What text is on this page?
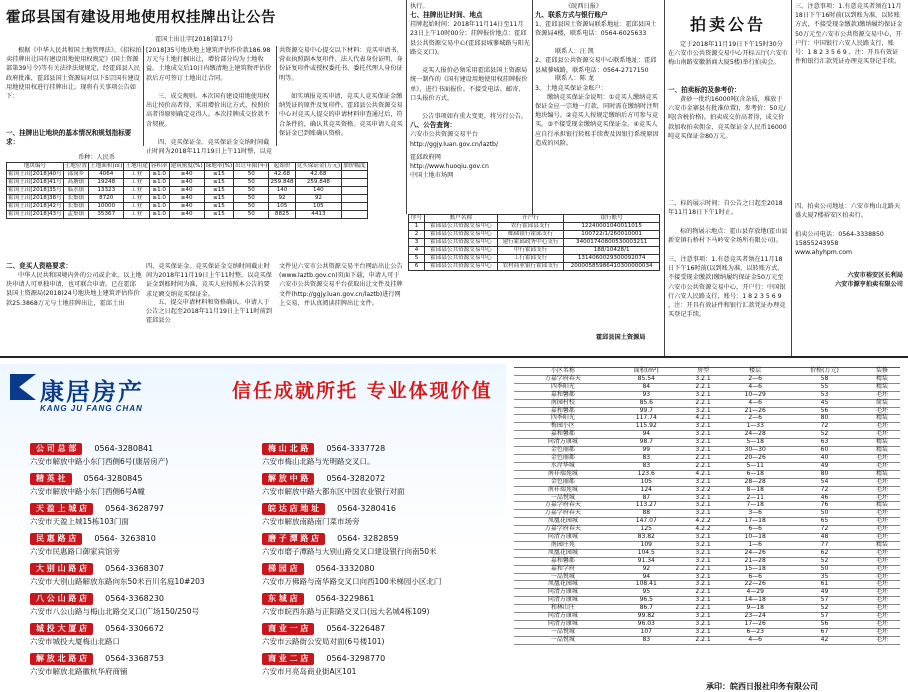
霍邱县国有建设用地使用权挂牌出让公告
霍国土出让字[2018]第17号
根据《中华人民共和国土地管理法》、《招标拍卖挂牌出让国有建设用地使用权规定》(国土资源部第39号令)等有关法律法规规定，经霍邱县人民政府批准，霍邱县国土资源局对以下5宗国有建设用地使用权进行挂牌出让。现将有关事项公告如下：
一、挂牌出让地块的基本情况和规划指标要求：
币种：人民币
地块编号	土地位置	土地面积(㎡)	土地用途	容积率	建筑密度(%)	绿地率(%)	出让年限(年)	起始价	竞买保证金(万元)	加价幅度
霍国土出[2018]40号	邵岗乡	4064	工业	≥1.0	≥40	≤15	50	42.68	42.68	
霍国土出[2018]41号	高塘镇	19248	工业	≥1.0	≥40	≤15	50	259.848	259.848	
霍国土出[2018]35号	临水镇	13323	工业	≥1.0	≥40	≤15	50	140	140	
霍国土出[2018]38号	长集镇	8720	工业	≥1.0	≥40	≤15	50	92	92	
霍国土出[2018]42号	长集镇	10000	工业	≥1.0	≥40	≤15	50	105	105	
霍国土出[2018]43号	孟集镇	35367	工业	≥1.0	≥40	≤15	50	8825	4413	
二、竞买人资格要求：
中华人民共和国境内外的公司或企业，以上地块申请人可单独申请，也可联合申请。已在霍邱县国土资源局(2018)24号地块地上建筑评估作价款25.3868万元与土地挂牌出让，霍邱土出
[2018]35号地块地上建筑评估作价款186.98万元与土地打捆出让，增价部分均为土地收益。土地成交后10日内缴清地上建筑物评估价款后方可签订土地出让合同。
三、成交规则。本次国有建设用地使用权出让按价高者得，采用增价出让方式，按照价高者得原则确定竞得人。本次挂牌成交价款不含契税。
四、竞买保证金。竞买保证金交纳时间截止时间为2018年11月19日上午11时整，以竞
四、竞买保证金。竞买保证金交纳时间截止时间为2018年11月19日上午11时整，以竞买保证金到账时间为准，竞买人应按照本公告的要求足额交纳竞买保证金。
五、提交申请材料和资格确认。申请人于公告之日起至2018年11月19日上午11时前到霍邱县公
共资源交易中心提交以下材料：竞买申请书、营业执照副本复印件、法人代表身份证明、身份证复印件或授权委托书、委托代理人身份证明等。
如实填报竞买申请，竞买人竞买保证金缴纳凭证的原件及复印件。霍邱县公共资源交易中心对竞买人提交的申请材料审查通过后，符合条件的，确认其竞买资格。竞买申请人竞买保证金已到账确认资格。
文件见六安市公共资源交易平台网站出让公告(www.laztb.gov.cn)页面下载，申请人可于六安市公共资源交易平台获取出让文件及挂牌文件(http://ggjy.luan.gov.cn/laztb)进行网上交易，并认真阅读挂牌出让文件。
执行。
七、挂牌出让时间、地点
挂牌起始时间：2018年11月14日至11月23日上午10时00分；挂牌报价地点：霍邱县公共资源交易中心(霍邱县城蓼城路与阳光路交叉口)。
竞买人报价必须采用霍邱县国土资源局统一制作的《国有建设用地使用权挂牌报价单》，进行书面报价。不接受电话、邮寄、口头报价方式。
公告事项如有重大变更，将另行公告。
八、公告查询：
六安市公共资源交易平台
http://ggjy.luan.gov.cn/laztb/
霍邱政府网
http://www.huoqiu.gov.cn
中国土地市场网
《皖西日报》
九、联系方式与银行账户
1、霍邱县国土资源局联系地址：霍邱县国土资源局4楼，联系电话：0564-6025633
联系人：汪 凯
2、霍邱县公共资源交易中心联系地址：霍邱县城蓼城路，联系电话：0564-2717150
联系人：陈 龙
3、土地竞买保证金账户：
缴纳竞买保证金说明：①竞买人缴纳竞买保证金应一宗地一打款，同时需在缴纳时注明地块编号。②竞买人按规定缴纳后方可参与竞买。③不接受现金缴纳竞买保证金。④竞买人应自行承担银行转账手续费及因银行系统原因造成的风险。
序号	账户名称	开户行	银行账号
1	霍邱县公共资源交易中心	农行霍邱县支行	12240001040011015
2	霍邱县公共资源交易中心	邮储银行霍邱支行	100722/1/260010001
3	霍邱县公共资源交易中心	建行霍邱政务中心支行	34001740800530003211
4	霍邱县公共资源交易中心	中行霍邱支行	188/10428/1
5	霍邱县公共资源交易中心	工行霍邱支行	1314060029300092074
6	霍邱县公共资源交易中心	农村商业银行霍邱支行	20000585986410300000034
霍邱县国土资源局
拍卖公告
定于2018年11月19日下午15时30分在六安市公共资源交易中心开标五厅(六安市梅山南路安徽浙商大厦5楼)举行拍卖会。
一、拍卖标的及参考价：
黄砂一批约16000吨(含杂质，堆放于六安市金寨县有批准位置)，参考价：50元/吨(含税价格)。拍卖成交价高者得，成交价款加收拍卖佣金，竞买保证金人民币16000吨竞买保证金80万元。
二、标的展示时间：自公告之日起至2018年11月18日下午1时止。
标的物展示地点：霍山县存放地(霍山县新安镇石桥村下马岭安全场所有限公司)。
三、注意事项：1.有意竞买者须在11月18日下午16时前(以到账为准，以转账方式，不接受现金缴款)缴纳履约保证金50万元至六安市公共资源交易中心，开户行：中国银行六安人民路支行，账号：1 8 2 3 5 6 9 ，注：开具有效证件和银行汇款凭证办理竞买登记手续。
三、注意事项：1.有意竞买者须在11月18日下午16时前(以到账为准，以转账方式，不接受现金缴款)缴纳履约保证金50万元至六安市公共资源交易中心，开户行：中国银行六安人民路支行，账号：1 8 2 3 5 6 9 ，注：开具有效证件和银行汇款凭证办理竞买登记手续。
四、拍卖公司地址：六安市梅山北路天盛大厦7楼裕安区拍卖行。
拍卖公司电话：0564-3338850 15855243958
www.ahyhpm.com
六安市裕安区长利局
六安市源亨拍卖有限公司
康居房产
KANG JU FANG CHAN
信任成就所托 专业体现价值
公 司 总 部 0564-3280841
六安市解放中路小东门西侧6号(康居房产)
梅 山 北 路 0564-3337728
六安市梅山北路与光明路交叉口。
精 英 社 0564-3280845
六安市解放中路小东门西侧6号A幢
解 放 中 路 0564-3282072
六安市解放中路大都东区中国农业银行对面
天 盈 上 城 店 0564-3628797
六安市天盈上城15栋103门面
皖 达 店 地 址 0564-3280416
六安市解放南路南门菜市场旁
民 惠 路 店 0564- 3263810
六安市民惠路口御家宾馆旁
磨 子 潭 路 店 0564- 3282859
六安市磨子潭路与大别山路交叉口建设银行向南50米
大 别 山 路 店 0564-3368307
六安市大别山路解放东路向东50米百川名庭10#203
梯 园 店 0564-3332080
六安市万佛路与南华路交叉口向西100米梯园小区北门
八 公 山 路 店 0564-3368230
六安市八公山路与梅山北路交叉口(广场150/250号
东 城 店 0564-3229861
六安市皖西东路与正阳路交叉口(远大名城4栋109)
城 投 大 厦 店 0564-3306672
六安市城投大厦梅山北路口
商 业 一 店 0564-3226487
六安市云路街公安局对面(6号楼101)
解 放 北 路 店 0564-3368753
六安市解放北路徽杭华府商铺
商 业 二 店 0564-3298770
六安市月亮岛商业街A区101
小区名称	面积(m²)	房型	楼层	价格(万元)	装修
万嘉学府春天	85.54	3.2.1	2—6	58	精装
四季阳光	84	2.2.1	4—6	55	精装
嘉和馨都	93	3.2.1	10—29	53	毛坯
南园村校	85.6	2.2.1	4—6	45	简装
嘉和馨都	99.7	3.2.1	21—26	56	毛坯
四季阳光	117.74	4.2.1	2—6	80	精装
梅园小区	115.92	3.2.1	1—33	72	毛坯
嘉和馨都	94	3.2.1	24—28	52	毛坯
同清方康城	98.7	3.2.1	5—18	63	精装
金色丽都	99	3.2.1	30—30	60	精装
金色丽都	83	2.2.1	20—26	40	毛坯
水岸华城	83	2.2.1	5—11	49	毛坯
南祥瑞苑城	123.6	4.2.1	6—18	80	精装
金色丽都	105	3.2.1	28—28	54	毛坯
南祥瑞苑城	124	3.2.2	8—18	72	毛坯
一品悦城	87	3.2.1	2—11	46	毛坯
万嘉学府春天	113.27	3.2.1	7—18	76	精装
万嘉学府春天	88	3.2.1	3—6	50	毛坯
凤凰花园城	147.07	4.2.2	17—18	65	毛坯
万嘉学府春天	125	4.2.2	6—6	72	毛坯
同清方康城	83.82	3.2.1	10—18	48	毛坯
南园庄苑	109	3.2.1	1—6	77	精装
凤凰花园城	104.5	3.2.1	24—26	62	毛坯
嘉和馨都	91.34	3.2.1	21—28	52	毛坯
嘉和学府	92	2.2.1	15—18	50	毛坯
一品悦城	94	3.2.1	6—6	35	毛坯
凤凰花园城	108.41	3.2.1	22—26	61	毛坯
同清方康城	95	2.2.1	4—29	49	毛坯
同清方康城	96.5	3.2.1	14—18	57	毛坯
和林山庄	86.7	2.2.1	9—18	52	毛坯
同清方康城	99.82	3.2.1	23—24	57	毛坯
同清方康城	96.03	3.2.1	17—26	56	毛坯
一品悦城	107	3.2.1	6—23	67	毛坯
一品悦城	83	2.2.1	4—6	42	毛坯
承印：皖西日报社印务有限公司
